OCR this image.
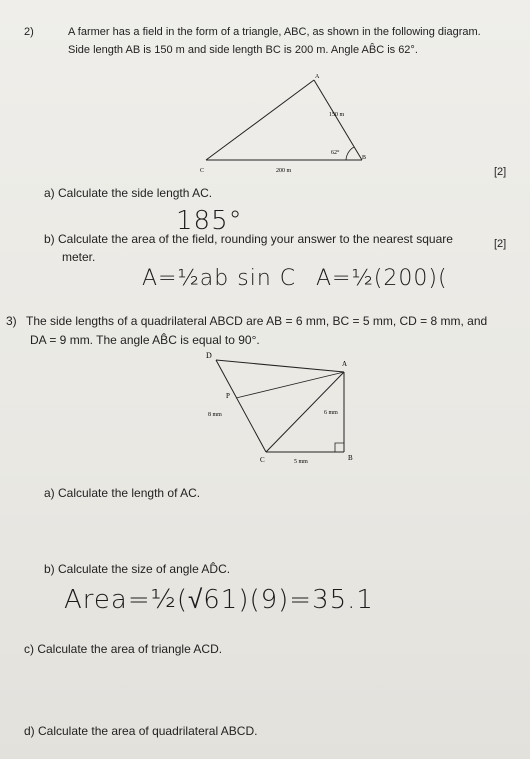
2)	A farmer has a field in the form of a triangle, ABC, as shown in the following diagram.
Side length AB is 150 m and side length BC is 200 m. Angle AB̂C is 62°.
A
B
C
150 m
200 m
62°
[2]
a) Calculate the side length AC.
185°
b) Calculate the area of the field, rounding your answer to the nearest square
meter.
[2]
A=½ab sin C A=½(200)(
3) The side lengths of a quadrilateral ABCD are AB = 6 mm, BC = 5 mm, CD = 8 mm, and
DA = 9 mm. The angle AB̂C is equal to 90°.
D
A
P
B
C
6 mm
5 mm
8 mm
a) Calculate the length of AC.
b) Calculate the size of angle AD̂C.
Area=½(√61)(9)=35.1
c) Calculate the area of triangle ACD.
d) Calculate the area of quadrilateral ABCD.
